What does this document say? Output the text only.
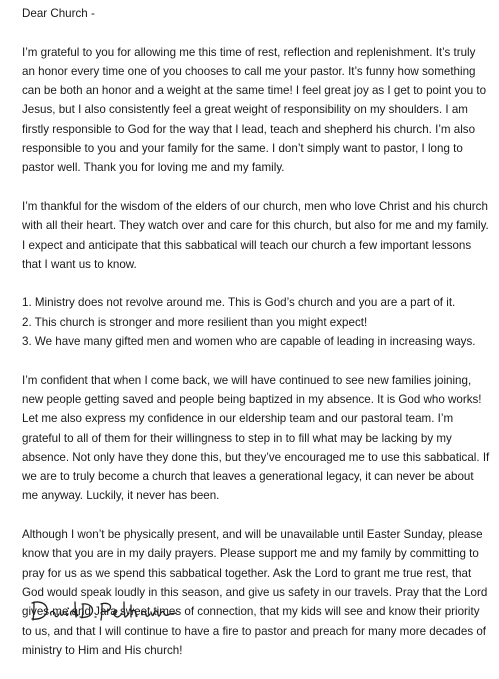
Dear Church -

I’m grateful to you for allowing me this time of rest, reflection and replenishment. It’s truly an honor every time one of you chooses to call me your pastor. It’s funny how something can be both an honor and a weight at the same time! I feel great joy as I get to point you to Jesus, but I also consistently feel a great weight of responsibility on my shoulders. I am firstly responsible to God for the way that I lead, teach and shepherd his church. I’m also responsible to you and your family for the same. I don’t simply want to pastor, I long to pastor well. Thank you for loving me and my family.

I’m thankful for the wisdom of the elders of our church, men who love Christ and his church with all their heart. They watch over and care for this church, but also for me and my family. I expect and anticipate that this sabbatical will teach our church a few important lessons that I want us to know.

1. Ministry does not revolve around me. This is God’s church and you are a part of it.
2. This church is stronger and more resilient than you might expect!
3. We have many gifted men and women who are capable of leading in increasing ways.

I’m confident that when I come back, we will have continued to see new families joining, new people getting saved and people being baptized in my absence. It is God who works! Let me also express my confidence in our eldership team and our pastoral team. I’m grateful to all of them for their willingness to step in to fill what may be lacking by my absence. Not only have they done this, but they’ve encouraged me to use this sabbatical. If we are to truly become a church that leaves a generational legacy, it can never be about me anyway. Luckily, it never has been.

Although I won’t be physically present, and will be unavailable until Easter Sunday, please know that you are in my daily prayers. Please support me and my family by committing to pray for us as we spend this sabbatical together. Ask the Lord to grant me true rest, that God would speak loudly in this season, and give us safety in our travels. Pray that the Lord gives me and Jara sweet times of connection, that my kids will see and know their priority to us, and that I will continue to have a fire to pastor and preach for many more decades of ministry to Him and His church!
